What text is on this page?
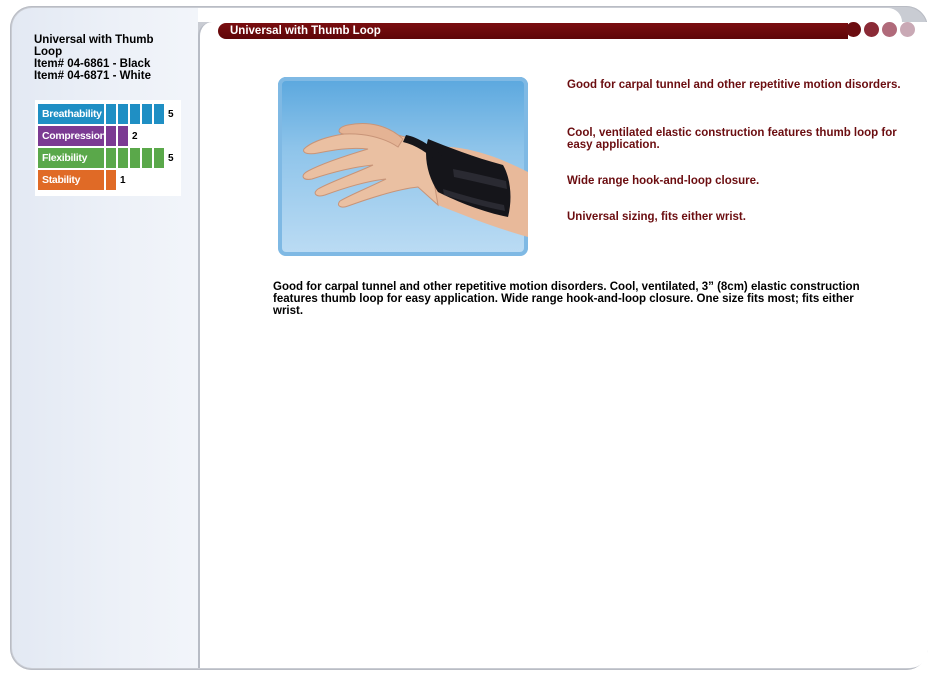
Universal with Thumb Loop
Item# 04-6861 - Black
Item# 04-6871 - White
Breathability	5
Compression	2
Flexibility	5
Stability	1
Universal with Thumb Loop
Good for carpal tunnel and other repetitive motion disorders.
Cool, ventilated elastic construction features thumb loop for easy application.
Wide range hook-and-loop closure.
Universal sizing, fits either wrist.
Good for carpal tunnel and other repetitive motion disorders. Cool, ventilated, 3” (8cm) elastic construction features thumb loop for easy application. Wide range hook-and-loop closure. One size fits most; fits either wrist.
